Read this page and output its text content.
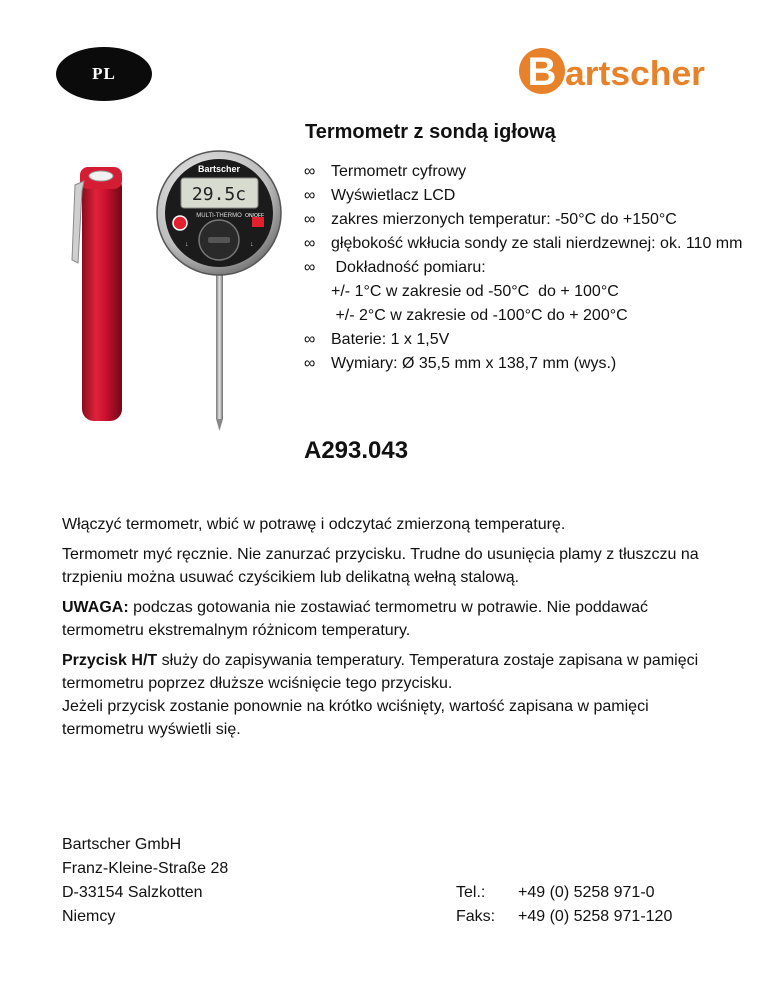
PL	B artscher
Termometr z sondą igłową
Bartscher
29.5c
MULTI-THERMO ON/OFF
↓	↓
∞ Termometr cyfrowy
∞ Wyświetlacz LCD
∞ zakres mierzonych temperatur: -50°C do +150°C
∞ głębokość wkłucia sondy ze stali nierdzewnej: ok. 110 mm
∞ Dokładność pomiaru:
+/- 1°C w zakresie od -50°C  do + 100°C
+/- 2°C w zakresie od -100°C do + 200°C
∞ Baterie: 1 x 1,5V
∞ Wymiary: Ø 35,5 mm x 138,7 mm (wys.)
A293.043

Włączyć termometr, wbić w potrawę i odczytać zmierzoną temperaturę.

Termometr myć ręcznie. Nie zanurzać przycisku. Trudne do usunięcia plamy z tłuszczu na trzpieniu można usuwać czyścikiem lub delikatną wełną stalową.

UWAGA: podczas gotowania nie zostawiać termometru w potrawie. Nie poddawać termometru ekstremalnym różnicom temperatury.

Przycisk H/T służy do zapisywania temperatury. Temperatura zostaje zapisana w pamięci termometru poprzez dłuższe wciśnięcie tego przycisku.

Jeżeli przycisk zostanie ponownie na krótko wciśnięty, wartość zapisana w pamięci termometru wyświetli się.

Bartscher GmbH
Franz-Kleine-Straße 28
D-33154 Salzkotten
Niemcy
Tel.:	+49 (0) 5258 971-0
Faks:	+49 (0) 5258 971-120
